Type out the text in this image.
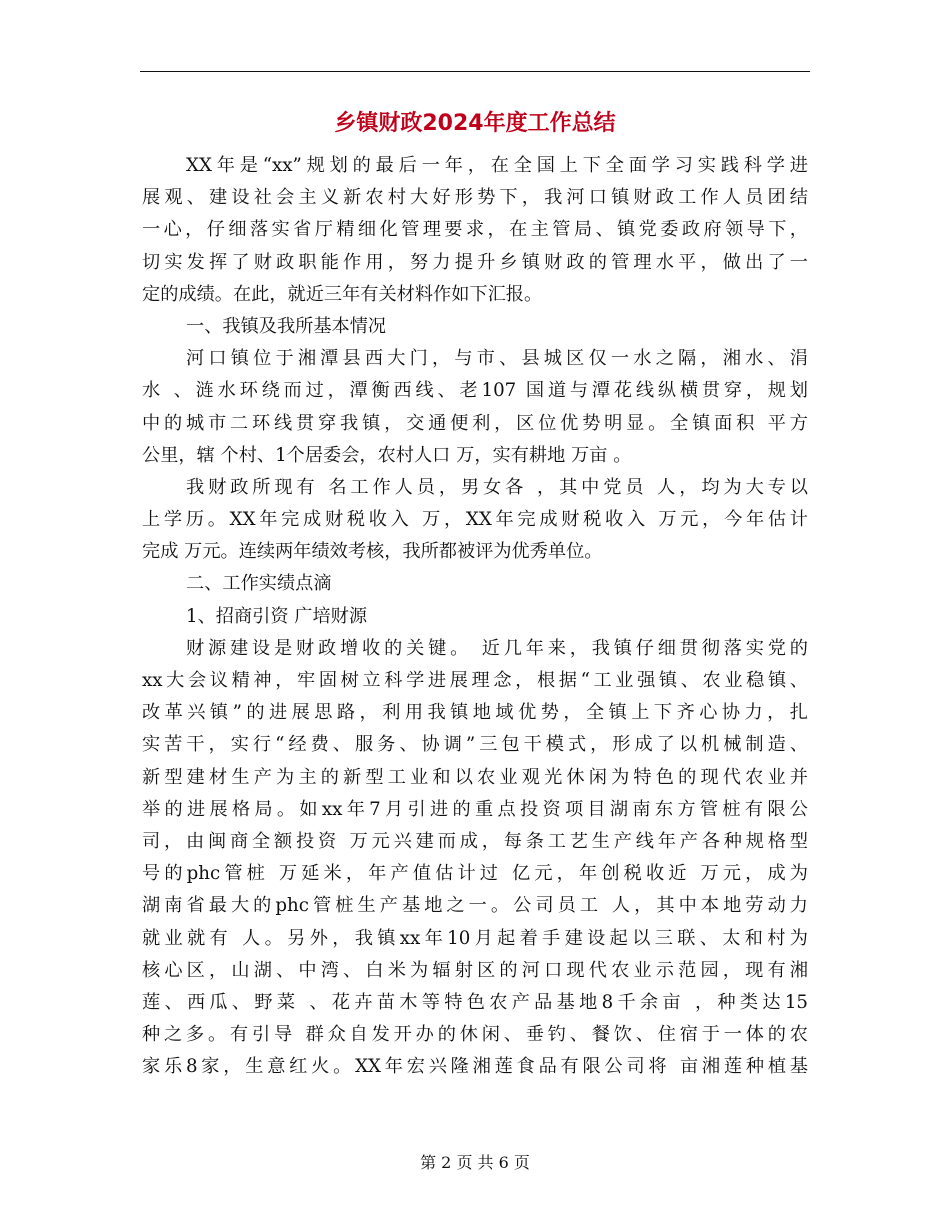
乡镇财政2024年度工作总结
XX年是“xx”规划的最后一年，在全国上下全面学习实践科学进
展观、建设社会主义新农村大好形势下，我河口镇财政工作人员团结
一心，仔细落实省厅精细化管理要求，在主管局、镇党委政府领导下，
切实发挥了财政职能作用，努力提升乡镇财政的管理水平，做出了一
定的成绩。在此，就近三年有关材料作如下汇报。
一、我镇及我所基本情况
河口镇位于湘潭县西大门，与市、县城区仅一水之隔，湘水、涓
水 、涟水环绕而过，潭衡西线、老107 国道与潭花线纵横贯穿，规划
中的城市二环线贯穿我镇，交通便利，区位优势明显。全镇面积 平方
公里，辖 个村、1个居委会，农村人口 万，实有耕地 万亩 。
我财政所现有 名工作人员，男女各 ，其中党员 人，均为大专以
上学历。XX年完成财税收入 万，XX年完成财税收入 万元，今年估计
完成 万元。连续两年绩效考核，我所都被评为优秀单位。
二、工作实绩点滴
1、招商引资 广培财源
财源建设是财政增收的关键。 近几年来，我镇仔细贯彻落实党的
xx大会议精神，牢固树立科学进展理念，根据“工业强镇、农业稳镇、
改革兴镇”的进展思路，利用我镇地域优势，全镇上下齐心协力，扎
实苦干，实行“经费、服务、协调”三包干模式，形成了以机械制造、
新型建材生产为主的新型工业和以农业观光休闲为特色的现代农业并
举的进展格局。如xx年7月引进的重点投资项目湖南东方管桩有限公
司，由闽商全额投资 万元兴建而成，每条工艺生产线年产各种规格型
号的phc管桩 万延米，年产值估计过 亿元，年创税收近 万元，成为
湖南省最大的phc管桩生产基地之一。公司员工 人，其中本地劳动力
就业就有 人。另外，我镇xx年10月起着手建设起以三联、太和村为
核心区，山湖、中湾、白米为辐射区的河口现代农业示范园，现有湘
莲、西瓜、野菜 、花卉苗木等特色农产品基地8千余亩 ，种类达15
种之多。有引导 群众自发开办的休闲、垂钓、餐饮、住宿于一体的农
家乐8家，生意红火。XX年宏兴隆湘莲食品有限公司将 亩湘莲种植基
第 2 页 共 6 页
